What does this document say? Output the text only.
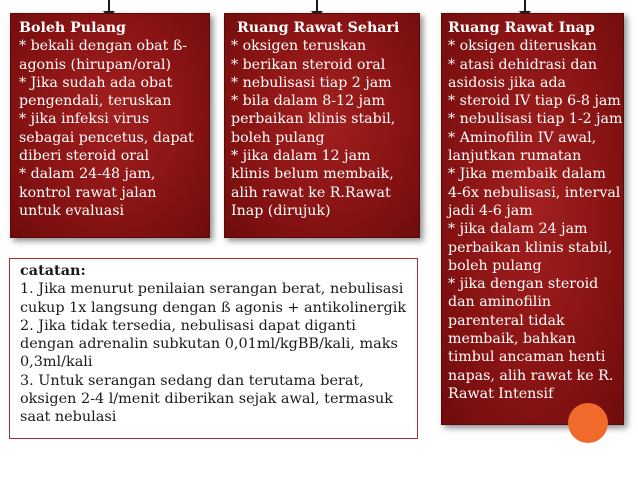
Boleh Pulang
* bekali dengan obat ß-
agonis (hirupan/oral)
* Jika sudah ada obat
pengendali, teruskan
* jika infeksi virus
sebagai pencetus, dapat
diberi steroid oral
* dalam 24-48 jam,
kontrol rawat jalan
untuk evaluasi
Ruang Rawat Sehari
* oksigen teruskan
* berikan steroid oral
* nebulisasi tiap 2 jam
* bila dalam 8-12 jam
perbaikan klinis stabil,
boleh pulang
* jika dalam 12 jam
klinis belum membaik,
alih rawat ke R.Rawat
Inap (dirujuk)
Ruang Rawat Inap
* oksigen diteruskan
* atasi dehidrasi dan
asidosis jika ada
* steroid IV tiap 6-8 jam
* nebulisasi tiap 1-2 jam
* Aminofilin IV awal,
lanjutkan rumatan
* Jika membaik dalam
4-6x nebulisasi, interval
jadi 4-6 jam
* jika dalam 24 jam
perbaikan klinis stabil,
boleh pulang
* jika dengan steroid
dan aminofilin
parenteral tidak
membaik, bahkan
timbul ancaman henti
napas, alih rawat ke R.
Rawat Intensif
catatan:
1. Jika menurut penilaian serangan berat, nebulisasi
cukup 1x langsung dengan ß agonis + antikolinergik
2. Jika tidak tersedia, nebulisasi dapat diganti
dengan adrenalin subkutan 0,01ml/kgBB/kali, maks
0,3ml/kali
3. Untuk serangan sedang dan terutama berat,
oksigen 2-4 l/menit diberikan sejak awal, termasuk
saat nebulasi
